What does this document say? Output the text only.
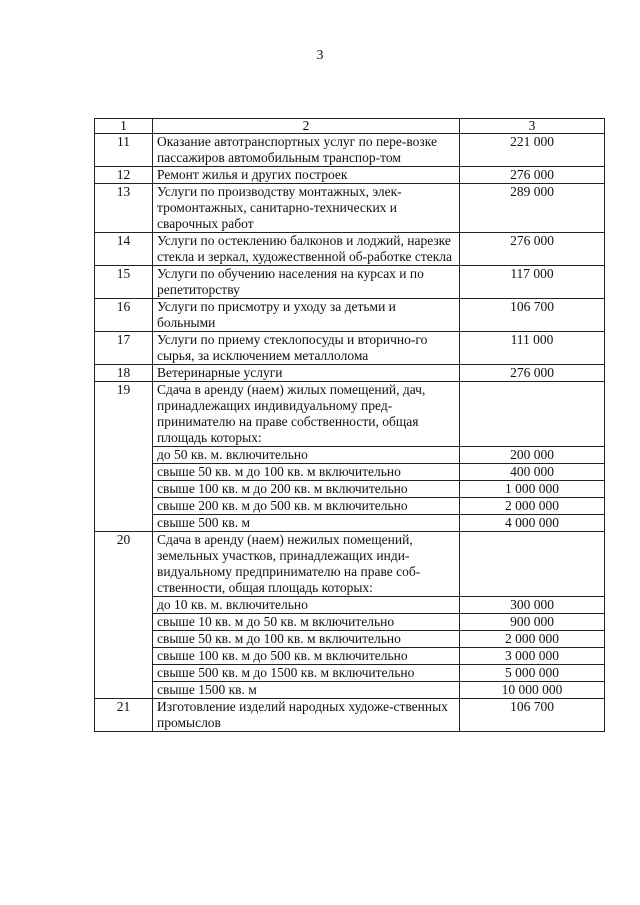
3
1	2	3
11	Оказание автотранспортных услуг по пере-возке пассажиров автомобильным транспор-том	221 000
12	Ремонт жилья и других построек	276 000
13	Услуги по производству монтажных, элек-тромонтажных, санитарно-технических и сварочных работ	289 000
14	Услуги по остеклению балконов и лоджий, нарезке стекла и зеркал, художественной об-работке стекла	276 000
15	Услуги по обучению населения на курсах и по репетиторству	117 000
16	Услуги по присмотру и уходу за детьми и больными	106 700
17	Услуги по приему стеклопосуды и вторично-го сырья, за исключением металлолома	111 000
18	Ветеринарные услуги	276 000
19	Сдача в аренду (наем) жилых помещений, дач, принадлежащих индивидуальному пред-принимателю на праве собственности, общая площадь которых:	
	до 50 кв. м. включительно	200 000
	свыше 50 кв. м до 100 кв. м включительно	400 000
	свыше 100 кв. м до 200 кв. м включительно	1 000 000
	свыше 200 кв. м до 500 кв. м включительно	2 000 000
	свыше 500 кв. м	4 000 000
20	Сдача в аренду (наем) нежилых помещений, земельных участков, принадлежащих инди-видуальному предпринимателю на праве соб-ственности, общая площадь которых:	
	до 10 кв. м. включительно	300 000
	свыше 10 кв. м до 50 кв. м включительно	900 000
	свыше 50 кв. м до 100 кв. м включительно	2 000 000
	свыше 100 кв. м до 500 кв. м включительно	3 000 000
	свыше 500 кв. м до 1500 кв. м включительно	5 000 000
	свыше 1500 кв. м	10 000 000
21	Изготовление изделий народных художе-ственных промыслов	106 700
